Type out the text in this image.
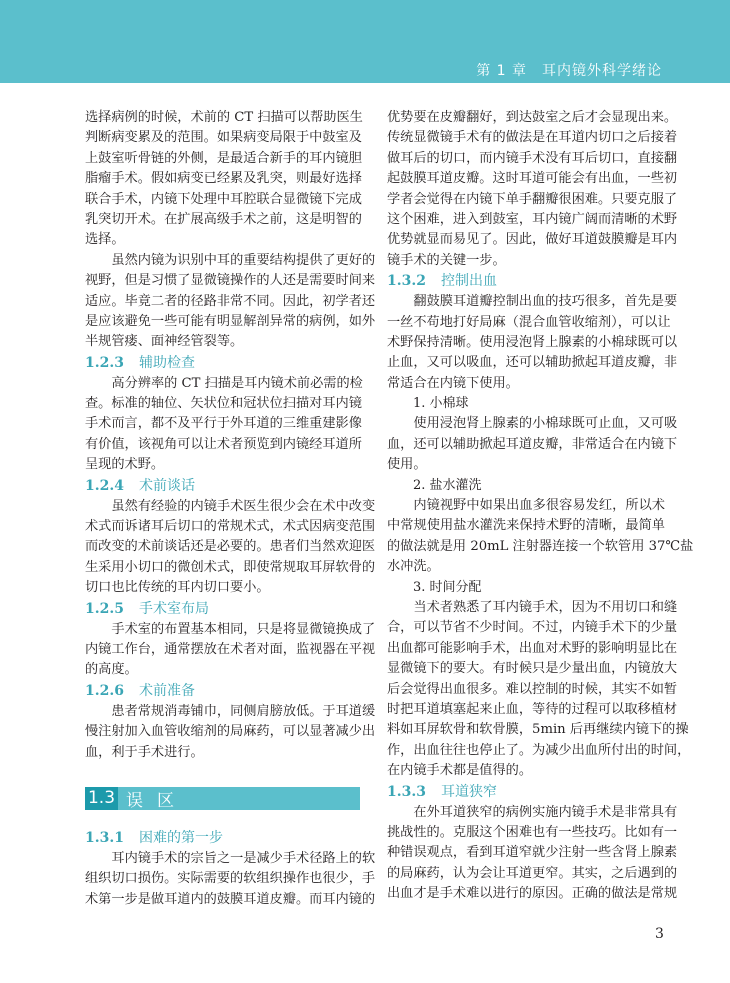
第 1 章　耳内镜外科学绪论
选择病例的时候，术前的 CT 扫描可以帮助医生
判断病变累及的范围。如果病变局限于中鼓室及
上鼓室听骨链的外侧，是最适合新手的耳内镜胆
脂瘤手术。假如病变已经累及乳突，则最好选择
联合手术，内镜下处理中耳腔联合显微镜下完成
乳突切开术。在扩展高级手术之前，这是明智的
选择。
虽然内镜为识别中耳的重要结构提供了更好的
视野，但是习惯了显微镜操作的人还是需要时间来
适应。毕竟二者的径路非常不同。因此，初学者还
是应该避免一些可能有明显解剖异常的病例，如外
半规管瘘、面神经管裂等。
1.2.3 辅助检查
高分辨率的 CT 扫描是耳内镜术前必需的检
查。标准的轴位、矢状位和冠状位扫描对耳内镜
手术而言，都不及平行于外耳道的三维重建影像
有价值，该视角可以让术者预览到内镜经耳道所
呈现的术野。
1.2.4 术前谈话
虽然有经验的内镜手术医生很少会在术中改变
术式而诉诸耳后切口的常规术式，术式因病变范围
而改变的术前谈话还是必要的。患者们当然欢迎医
生采用小切口的微创术式，即使常规取耳屏软骨的
切口也比传统的耳内切口要小。
1.2.5 手术室布局
手术室的布置基本相同，只是将显微镜换成了
内镜工作台，通常摆放在术者对面，监视器在平视
的高度。
1.2.6 术前准备
患者常规消毒铺巾，同侧肩膀放低。于耳道缓
慢注射加入血管收缩剂的局麻药，可以显著减少出
血，利于手术进行。
1.3 误区
1.3.1 困难的第一步
耳内镜手术的宗旨之一是减少手术径路上的软
组织切口损伤。实际需要的软组织操作也很少，手
术第一步是做耳道内的鼓膜耳道皮瓣。而耳内镜的
优势要在皮瓣翻好，到达鼓室之后才会显现出来。
传统显微镜手术有的做法是在耳道内切口之后接着
做耳后的切口，而内镜手术没有耳后切口，直接翻
起鼓膜耳道皮瓣。这时耳道可能会有出血，一些初
学者会觉得在内镜下单手翻瓣很困难。只要克服了
这个困难，进入到鼓室，耳内镜广阔而清晰的术野
优势就显而易见了。因此，做好耳道鼓膜瓣是耳内
镜手术的关键一步。
1.3.2 控制出血
翻鼓膜耳道瓣控制出血的技巧很多，首先是要
一丝不苟地打好局麻（混合血管收缩剂），可以让
术野保持清晰。使用浸泡肾上腺素的小棉球既可以
止血，又可以吸血，还可以辅助掀起耳道皮瓣，非
常适合在内镜下使用。
1. 小棉球
使用浸泡肾上腺素的小棉球既可止血，又可吸
血，还可以辅助掀起耳道皮瓣，非常适合在内镜下
使用。
2. 盐水灌洗
内镜视野中如果出血多很容易发红，所以术
中常规使用盐水灌洗来保持术野的清晰，最简单
的做法就是用 20mL 注射器连接一个软管用 37℃盐
水冲洗。
3. 时间分配
当术者熟悉了耳内镜手术，因为不用切口和缝
合，可以节省不少时间。不过，内镜手术下的少量
出血都可能影响手术，出血对术野的影响明显比在
显微镜下的要大。有时候只是少量出血，内镜放大
后会觉得出血很多。难以控制的时候，其实不如暂
时把耳道填塞起来止血，等待的过程可以取移植材
料如耳屏软骨和软骨膜，5min 后再继续内镜下的操
作，出血往往也停止了。为减少出血所付出的时间，
在内镜手术都是值得的。
1.3.3 耳道狭窄
在外耳道狭窄的病例实施内镜手术是非常具有
挑战性的。克服这个困难也有一些技巧。比如有一
种错误观点，看到耳道窄就少注射一些含肾上腺素
的局麻药，认为会让耳道更窄。其实，之后遇到的
出血才是手术难以进行的原因。正确的做法是常规
3
